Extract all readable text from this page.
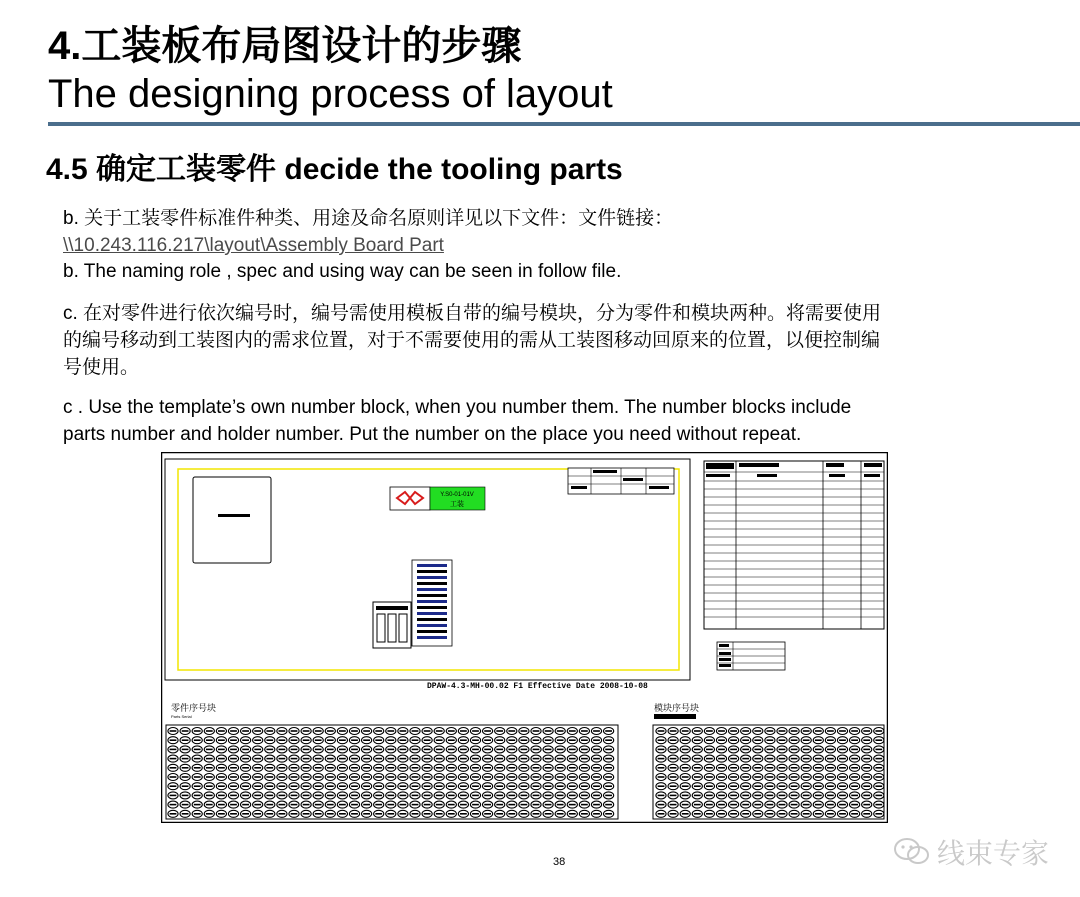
4.工装板布局图设计的步骤
The designing process of layout
4.5 确定工装零件 decide the tooling parts
b. 关于工装零件标准件种类、用途及命名原则详见以下文件：文件链接：
\\10.243.116.217\layout\Assembly Board Part
b. The naming role , spec and using way can be seen in follow file.
c. 在对零件进行依次编号时，编号需使用模板自带的编号模块，分为零件和模块两种。将需要使用
的编号移动到工装图内的需求位置，对于不需要使用的需从工装图移动回原来的位置，以便控制编
号使用。
c . Use the template’s own number block, when you number them. The number blocks include
parts number and holder number. Put the number on the place you need without repeat.
Y.S0-01-01V
工装
DPAW-4.3-MH-00.02 F1 Effective Date 2008-10-08
零件序号块
Parts Serial
模块序号块
38	线束专家
